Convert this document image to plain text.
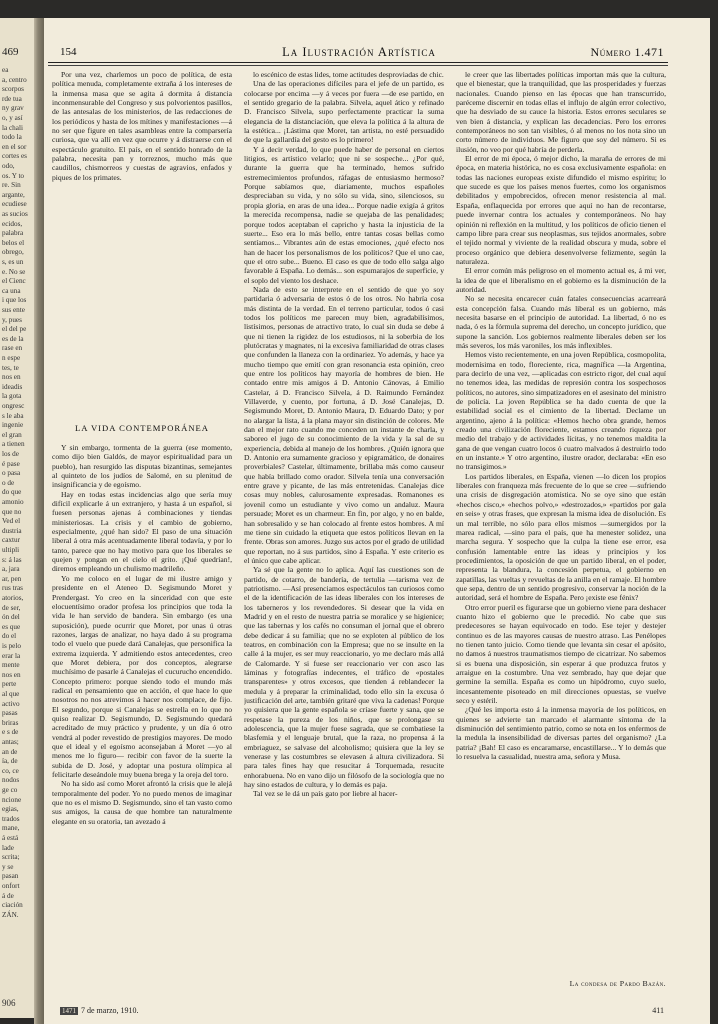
469
ea
a, centro
scorpos
rde tua
ny grav
o, y así
la chali
todo la
en el sor
cortes es
odo,
os. Y to
re. Sin
argante,
ecudiese
as sucios
ecidos,
palabra
belos el
obrego,
s, es un
e. No se
el Cienc
ca una
i que los
sus ente
y, pues
el del pe
es de la
rase en
n espe
tes, te
nos en
ideadis
la gota
ongresc
s le aba
ingenie
el gran
a tienen
los de
é pase
o pasa
o de
do que
amonio
que no
Ved el
dustria
caxtur
ultipli
s: á las
a, jara
ar, pen
rus tras
atorios,
de ser,
ón del
es que
do el
is pelo
erar la
mente
nos en
perte
al que
activo
pasas
briras
e s de
antas;
an de
ía, de
co, ce
nodos
ge co
ncione
egias,
trados
mane,
á está
lade
scrita;
y se
pasan
onfort
á de
ciación
ZÁN.
906
154	La Ilustración Artística	Número 1.471

Por una vez, charlemos un poco de política, de esta política menuda, completamente extraña á los intereses de la inmensa masa que se agita á dormita á distancia inconmensurable del Congreso y sus polvorientos pasillos, de las antesalas de los ministerios, de las redacciones de los periódicos y hasta de los mítines y manifestaciones —á no ser que figure en tales asambleas entre la comparsería curiosa, que va allí en vez que ocurre y á distraerse con el espectáculo gratuito. El país, en el sentido honrado de la palabra, necesita pan y torreznos, mucho más que caudillos, chismorreos y cuestas de agravios, enfados y piques de los primates.

LA VIDA CONTEMPORÁNEA

Y sin embargo, tormenta de la guerra (ese momento, como dijo bien Galdós, de mayor espiritualidad para un pueblo), han resurgido las disputas bizantinas, semejantes al quinteto de los judíos de Salomé, en su plenitud de insignificancia y de egoísmo.

Hay en todas estas incidencias algo que sería muy difícil explicarle á un extranjero, y hasta á un español, si fuesen personas ajenas á combinaciones y tiendas ministeriosas. La crisis y el cambio de gobierno, especialmente, ¿qué han sido? El paso de una situación liberal á otra más acentuadamente liberal todavía, y por lo tanto, parece que no hay motivo para que los liberales se quejen y pongan en el cielo el grito. ¡Qué quedrían!, diremos empleando un chulismo madrileño.

Yo me coloco en el lugar de mi ilustre amigo y presidente en el Ateneo D. Segismundo Moret y Prendergast. Yo creo en la sinceridad con que este elocuentísimo orador profesa los principios que toda la vida le han servido de bandera. Sin embargo (es una suposición), puede ocurrir que Moret, por unas ú otras razones, largas de analizar, no haya dado á su programa todo el vuelo que puede dará Canalejas, que personifica la extrema izquierda. Y admitiendo estos antecedentes, creo que Moret debiera, por dos conceptos, alegrarse muchísimo de pasarle á Canalejas el cucurucho encendido. Concepto primero: porque siendo todo el mundo más radical en pensamiento que en acción, el que hace lo que nosotros no nos atrevimos á hacer nos complace, de fijo. El segundo, porque si Canalejas se estrella en lo que no quiso realizar D. Segismundo, D. Segismundo quedará acreditado de muy práctico y prudente, y un día ó otro vendrá al poder revestido de prestigios mayores. De modo que el ideal y el egoísmo aconsejaban á Moret —yo al menos me lo figuro— recibir con favor de la suerte la subida de D. José, y adoptar una postura olímpica al felicitarle deseándole muy buena brega y la oreja del toro.

No ha sido así como Moret afrontó la crisis que le alejá temporalmente del poder. Yo no puedo menos de imaginar que no es el mismo D. Segismundo, sino el tan vasto como sus amigos, la causa de que hombre tan naturalmente elegante en su oratoria, tan avezado á

lo escénico de estas lides, tome actitudes desproviadas de chic.

Una de las operaciones difíciles para el jefe de un partido, es colocarse por encima —y á veces por fuera —de ese partido, en el sentido gregario de la palabra. Silvela, aquel ático y refinado D. Francisco Silvela, supo perfectamente practicar la suma elegancia de la distanciación, que eleva la política á la altura de la estética... ¡Lástima que Moret, tan artista, no esté persuadido de que la gallardía del gesto es lo primero!

Y á decir verdad, lo que puede haber de personal en ciertos litigios, es artístico velarlo; que ni se sospeche... ¿Por qué, durante la guerra que ha terminado, hemos sufrido estremecimientos profundos, ráfagas de entusiasmo hermoso? Porque sabíamos que, diariamente, muchos españoles despreciaban su vida, y no sólo su vida, sino, silenciosos, su propia gloria, en aras de una idea... Porque nadie exigía á gritos la merecida recompensa, nadie se quejaba de las penalidades; porque todos aceptaban el capricho y hasta la injusticia de la suerte... Eso era lo más bello, entre tantas cosas bellas como sentíamos... Vibrantes aún de estas emociones, ¿qué efecto nos han de hacer los personalismos de los políticos? Que el uno cae, que el otro sube... Bueno. El caso es que de todo ello salga algo favorable á España. Lo demás... son espumarajos de superficie, y el soplo del viento los deshace.

Nada de esto se interprete en el sentido de que yo soy partidaria ó adversaria de estos ó de los otros. No habría cosa más distinta de la verdad. En el terreno particular, todos ó casi todos los políticos me parecen muy bien, agradabilísimos, listísimos, personas de atractivo trato, lo cual sin duda se debe á que ni tienen la rigidez de los estudiosos, ni la soberbia de los plutócratas y magnates, ni la excesiva familiaridad de otras clases que confunden la llaneza con la ordinariez. Yo además, y hace ya mucho tiempo que emití con gran resonancia esta opinión, creo que entre los políticos hay mayoría de hombres de bien. He contado entre mis amigos á D. Antonio Cánovas, á Emilio Castelar, á D. Francisco Silvela, á D. Raimundo Fernández Villaverde, y cuento, por fortuna, á D. José Canalejas, D. Segismundo Moret, D. Antonio Maura, D. Eduardo Dato; y por no alargar la lista, á la plana mayor sin distinción de colores. Me dan el mejor rato cuando me conceden un instante de charla, y saboreo el jugo de su conocimiento de la vida y la sal de su experiencia, debida al manejo de los hombres. ¿Quién ignora que D. Antonio era sumamente gracioso y epigramático, de donaires proverbiales? Castelar, últimamente, brillaba más como causeur que había brillado como orador. Silvela tenía una conversación entre grave y picante, de las más entretenidas. Canalejas dice cosas muy nobles, calurosamente expresadas. Romanones es jovenil como un estudiante y vivo como un andaluz. Maura persuade; Moret es un charmeur. En fin, por algo, y no en balde, han sobresalido y se han colocado al frente estos hombres. A mí me tiene sin cuidado la etiqueta que estos políticos llevan en la frente. Obras son amores. Juzgo sus actos por el grado de utilidad que reportan, no á sus partidos, sino á España. Y este criterio es el único que cabe aplicar.

Ya sé que la gente no lo aplica. Aquí las cuestiones son de partido, de cotarro, de bandería, de tertulia —tarisma vez de patriotismo. —Así presenciamos espectáculos tan curiosos como el de la identificación de las ideas liberales con los intereses de los taberneros y los revendedores. Si desear que la vida en Madrid y en el resto de nuestra patria se moralice y se higienice; que las tabernas y los cafés no consuman el jornal que el obrero debe dedicar á su familia; que no se exploten al público de los teatros, en combinación con la Empresa; que no se insulte en la calle á la mujer, es ser muy reaccionario, yo me declaro más allá de Calomarde. Y si fuese ser reaccionario ver con asco las láminas y fotografías indecentes, el tráfico de «postales transparentes» y otros excesos, que tienden á reblandecer la medula y á preparar la criminalidad, todo ello sin la excusa ó justificación del arte, también gritaré que viva la cadenas! Porque yo quisiera que la gente española se críase fuerte y sana, que se respetase la pureza de los niños, que se prolongase su adolescencia, que la mujer fuese sagrada, que se combatiese la blasfemia y el lenguaje brutal, que la raza, no propensa á la embriaguez, se salvase del alcoholismo; quisiera que la ley se venerase y las costumbres se elevasen á altura civilizadora. Si para tales fines hay que resucitar á Torquemada, resucite enhorabuena. No en vano dijo un filósofo de la sociología que no hay sino estados de cultura, y lo demás es paja.

Tal vez se le dá un país gato por liebre al hacer-

le creer que las libertades políticas importan más que la cultura, que el bienestar, que la tranquilidad, que las prosperidades y fuerzas nacionales. Cuando pienso en las épocas que han transcurrido, paréceme discernir en todas ellas el influjo de algún error colectivo, que ha desviado de su cauce la historia. Estos errores seculares se ven bien á distancia, y explican las decadencias. Pero los errores contemporáneos no son tan visibles, ó al menos no los nota sino un corto número de individuos. Me figuro que soy del número. Si es ilusión, no veo por qué habría de perderla.

El error de mi época, ó mejor dicho, la maraña de errores de mi época, en materia histórica, no es cosa exclusivamente española: en todas las naciones europeas existe difundido el mismo espíritu; lo que sucede es que los países menos fuertes, como los organismos debilitados y empobrecidos, ofrecen menor resistencia al mal. España, enflaquecida por errores que aquí no han de recontarse, puede invernar contra los actuales y contemporáneos. No hay opinión ni reflexión en la multitud, y los políticos de oficio tienen el campo libre para crear sus neoplasmas, sus tejidos anormales, sobre el tejido normal y viviente de la realidad obscura y muda, sobre el proceso orgánico que debiera desenvolverse felizmente, según la naturaleza.

El error común más peligroso en el momento actual es, á mi ver, la idea de que el liberalismo en el gobierno es la disminución de la autoridad.

No se necesita encarecer cuán fatales consecuencias acarreará esta concepción falsa. Cuando más liberal es un gobierno, más necesita basarse en el principio de autoridad. La libertad, ó no es nada, ó es la fórmula suprema del derecho, un concepto jurídico, que supone la sanción. Los gobiernos realmente liberales deben ser los más severos, los más varoniles, los más inflexibles.

Hemos visto recientemente, en una joven República, cosmopolita, modernísima en todo, floreciente, rica, magnífica —la Argentina, para decirlo de una vez, —aplicadas con estricto rigor, del cual aquí no tenemos idea, las medidas de represión contra los sospechosos políticos, no autores, sino simpatizadores en el asesinato del ministro de policía. La joven República se ha dado cuenta de que la estabilidad social es el cimiento de la libertad. Declame un argentino, ajeno á la política: «Hemos hecho obra grande, hemos creado una civilización floreciente, estamos creando riqueza por medio del trabajo y de actividades lícitas, y no tenemos maldita la gana de que vengan cuatro locos ó cuatro malvados á destruirlo todo en un instante.» Y otro argentino, ilustre orador, declaraba: «En eso no transigimos.»

Los partidos liberales, en España, vienen —lo dicen los propios liberales con franqueza más frecuente de lo que se cree —sufriendo una crisis de disgregación atomística. No se oye sino que están «hechos cisco,» «hechos polvo,» «destrozados,» «partidos por gala en seis» y otras frases, que expresan la misma idea de disolución. Es un mal terrible, no sólo para ellos mismos —sumergidos por la marea radical, —sino para el país, que ha menester solidez, una marcha segura. Y sospecho que la culpa la tiene ese error, esa confusión lamentable entre las ideas y principios y los procedimientos, la oposición de que un partido liberal, en el poder, representa la blandura, la concesión perpetua, el gobierno en zapatillas, las vueltas y revueltas de la anilla en el ramaje. El hombre que sepa, dentro de un sentido progresivo, conservar la noción de la autoridad, será el hombre de España. Pero ¡existe ese fénix?

Otro error pueril es figurarse que un gobierno viene para deshacer cuanto hizo el gobierno que le precedió. No cabe que sus predecesores se hayan equivocado en todo. Ese tejer y destejer continuo es de las mayores causas de nuestro atraso. Las Penélopes no tienen tanto juicio. Como tiende que levanta sin cesar el apósito, no damos á nuestros traumatismos tiempo de cicatrizar. No sabemos si es buena una disposición, sin esperar á que produzca frutos y arraigue en la costumbre. Una vez sembrado, hay que dejar que germine la semilla. España es como un hipódromo, cuyo suelo, incesantemente pisoteado en mil direcciones opuestas, se vuelve seco y estéril.

¿Qué les importa esto á la inmensa mayoría de los políticos, en quienes se advierte tan marcado el alarmante síntoma de la disminución del sentimiento patrio, como se nota en los enfermos de la medula la insensibilidad de diversas partes del organismo? ¿La patria? ¡Bah! El caso es encaramarse, encastillarse... Y lo demás que lo resuelva la casualidad, nuestra ama, señora y Musa.

La condesa de Pardo Bazán.
1471 7 de marzo, 1910.	411
